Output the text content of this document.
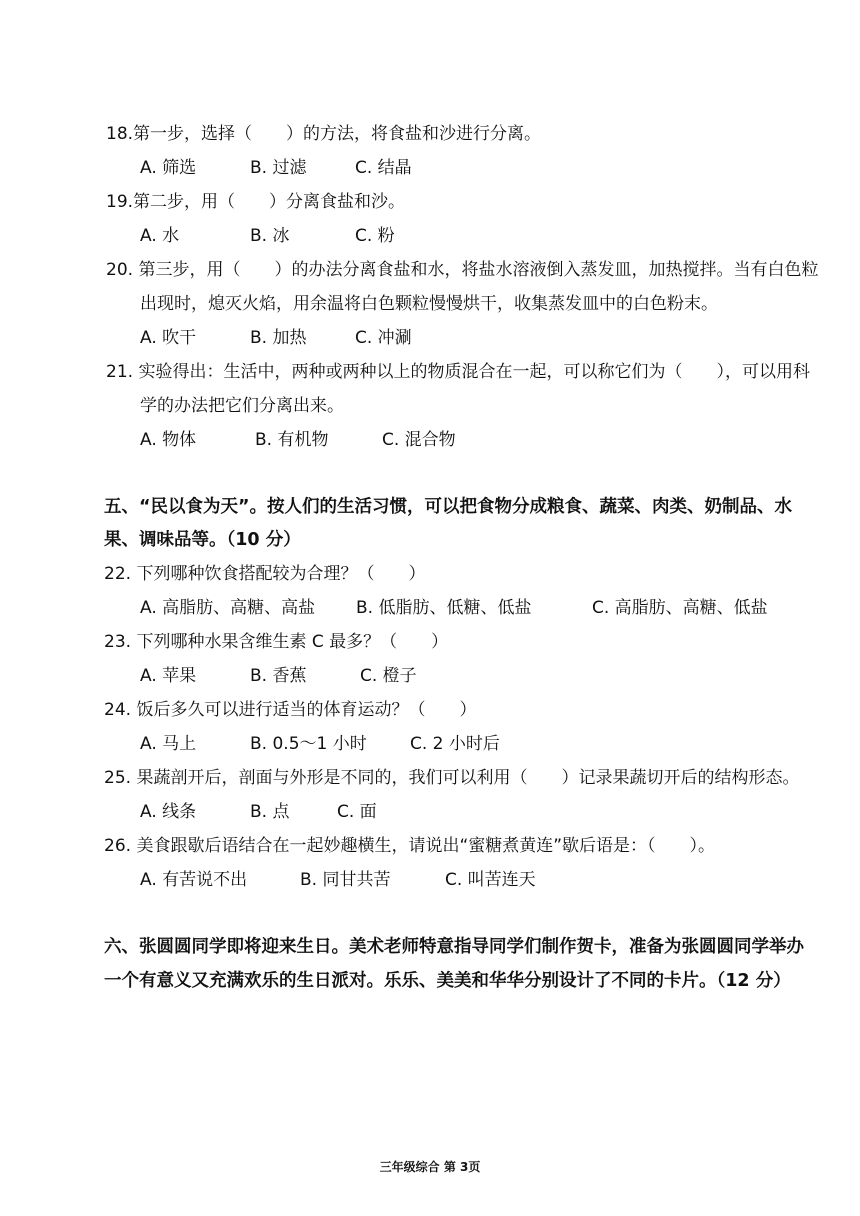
18.第一步，选择（　　）的方法，将食盐和沙进行分离。
A. 筛选	B. 过滤	C. 结晶
19.第二步，用（　　）分离食盐和沙。
A. 水	B. 冰	C. 粉
20. 第三步，用（　　）的办法分离食盐和水，将盐水溶液倒入蒸发皿，加热搅拌。当有白色粒
出现时，熄灭火焰，用余温将白色颗粒慢慢烘干，收集蒸发皿中的白色粉末。
A. 吹干	B. 加热	C. 冲涮
21. 实验得出：生活中，两种或两种以上的物质混合在一起，可以称它们为（　　），可以用科
学的办法把它们分离出来。
A. 物体	B. 有机物	C. 混合物
五、“民以食为天”。按人们的生活习惯，可以把食物分成粮食、蔬菜、肉类、奶制品、水
果、调味品等。（10 分）
22. 下列哪种饮食搭配较为合理？（　　）
A. 高脂肪、高糖、高盐 B. 低脂肪、低糖、低盐	C. 高脂肪、高糖、低盐
23. 下列哪种水果含维生素 C 最多？（　　）
A. 苹果	B. 香蕉	C. 橙子
24. 饭后多久可以进行适当的体育运动？（　　）
A. 马上	B. 0.5～1 小时	C. 2 小时后
25. 果蔬剖开后，剖面与外形是不同的，我们可以利用（　　）记录果蔬切开后的结构形态。
A. 线条	B. 点	C. 面
26. 美食跟歇后语结合在一起妙趣横生，请说出“蜜糖煮黄连”歇后语是：（　　）。
A. 有苦说不出	B. 同甘共苦	C. 叫苦连天
六、张圆圆同学即将迎来生日。美术老师特意指导同学们制作贺卡，准备为张圆圆同学举办
一个有意义又充满欢乐的生日派对。乐乐、美美和华华分别设计了不同的卡片。（12 分）
三年级综合 第 3页
